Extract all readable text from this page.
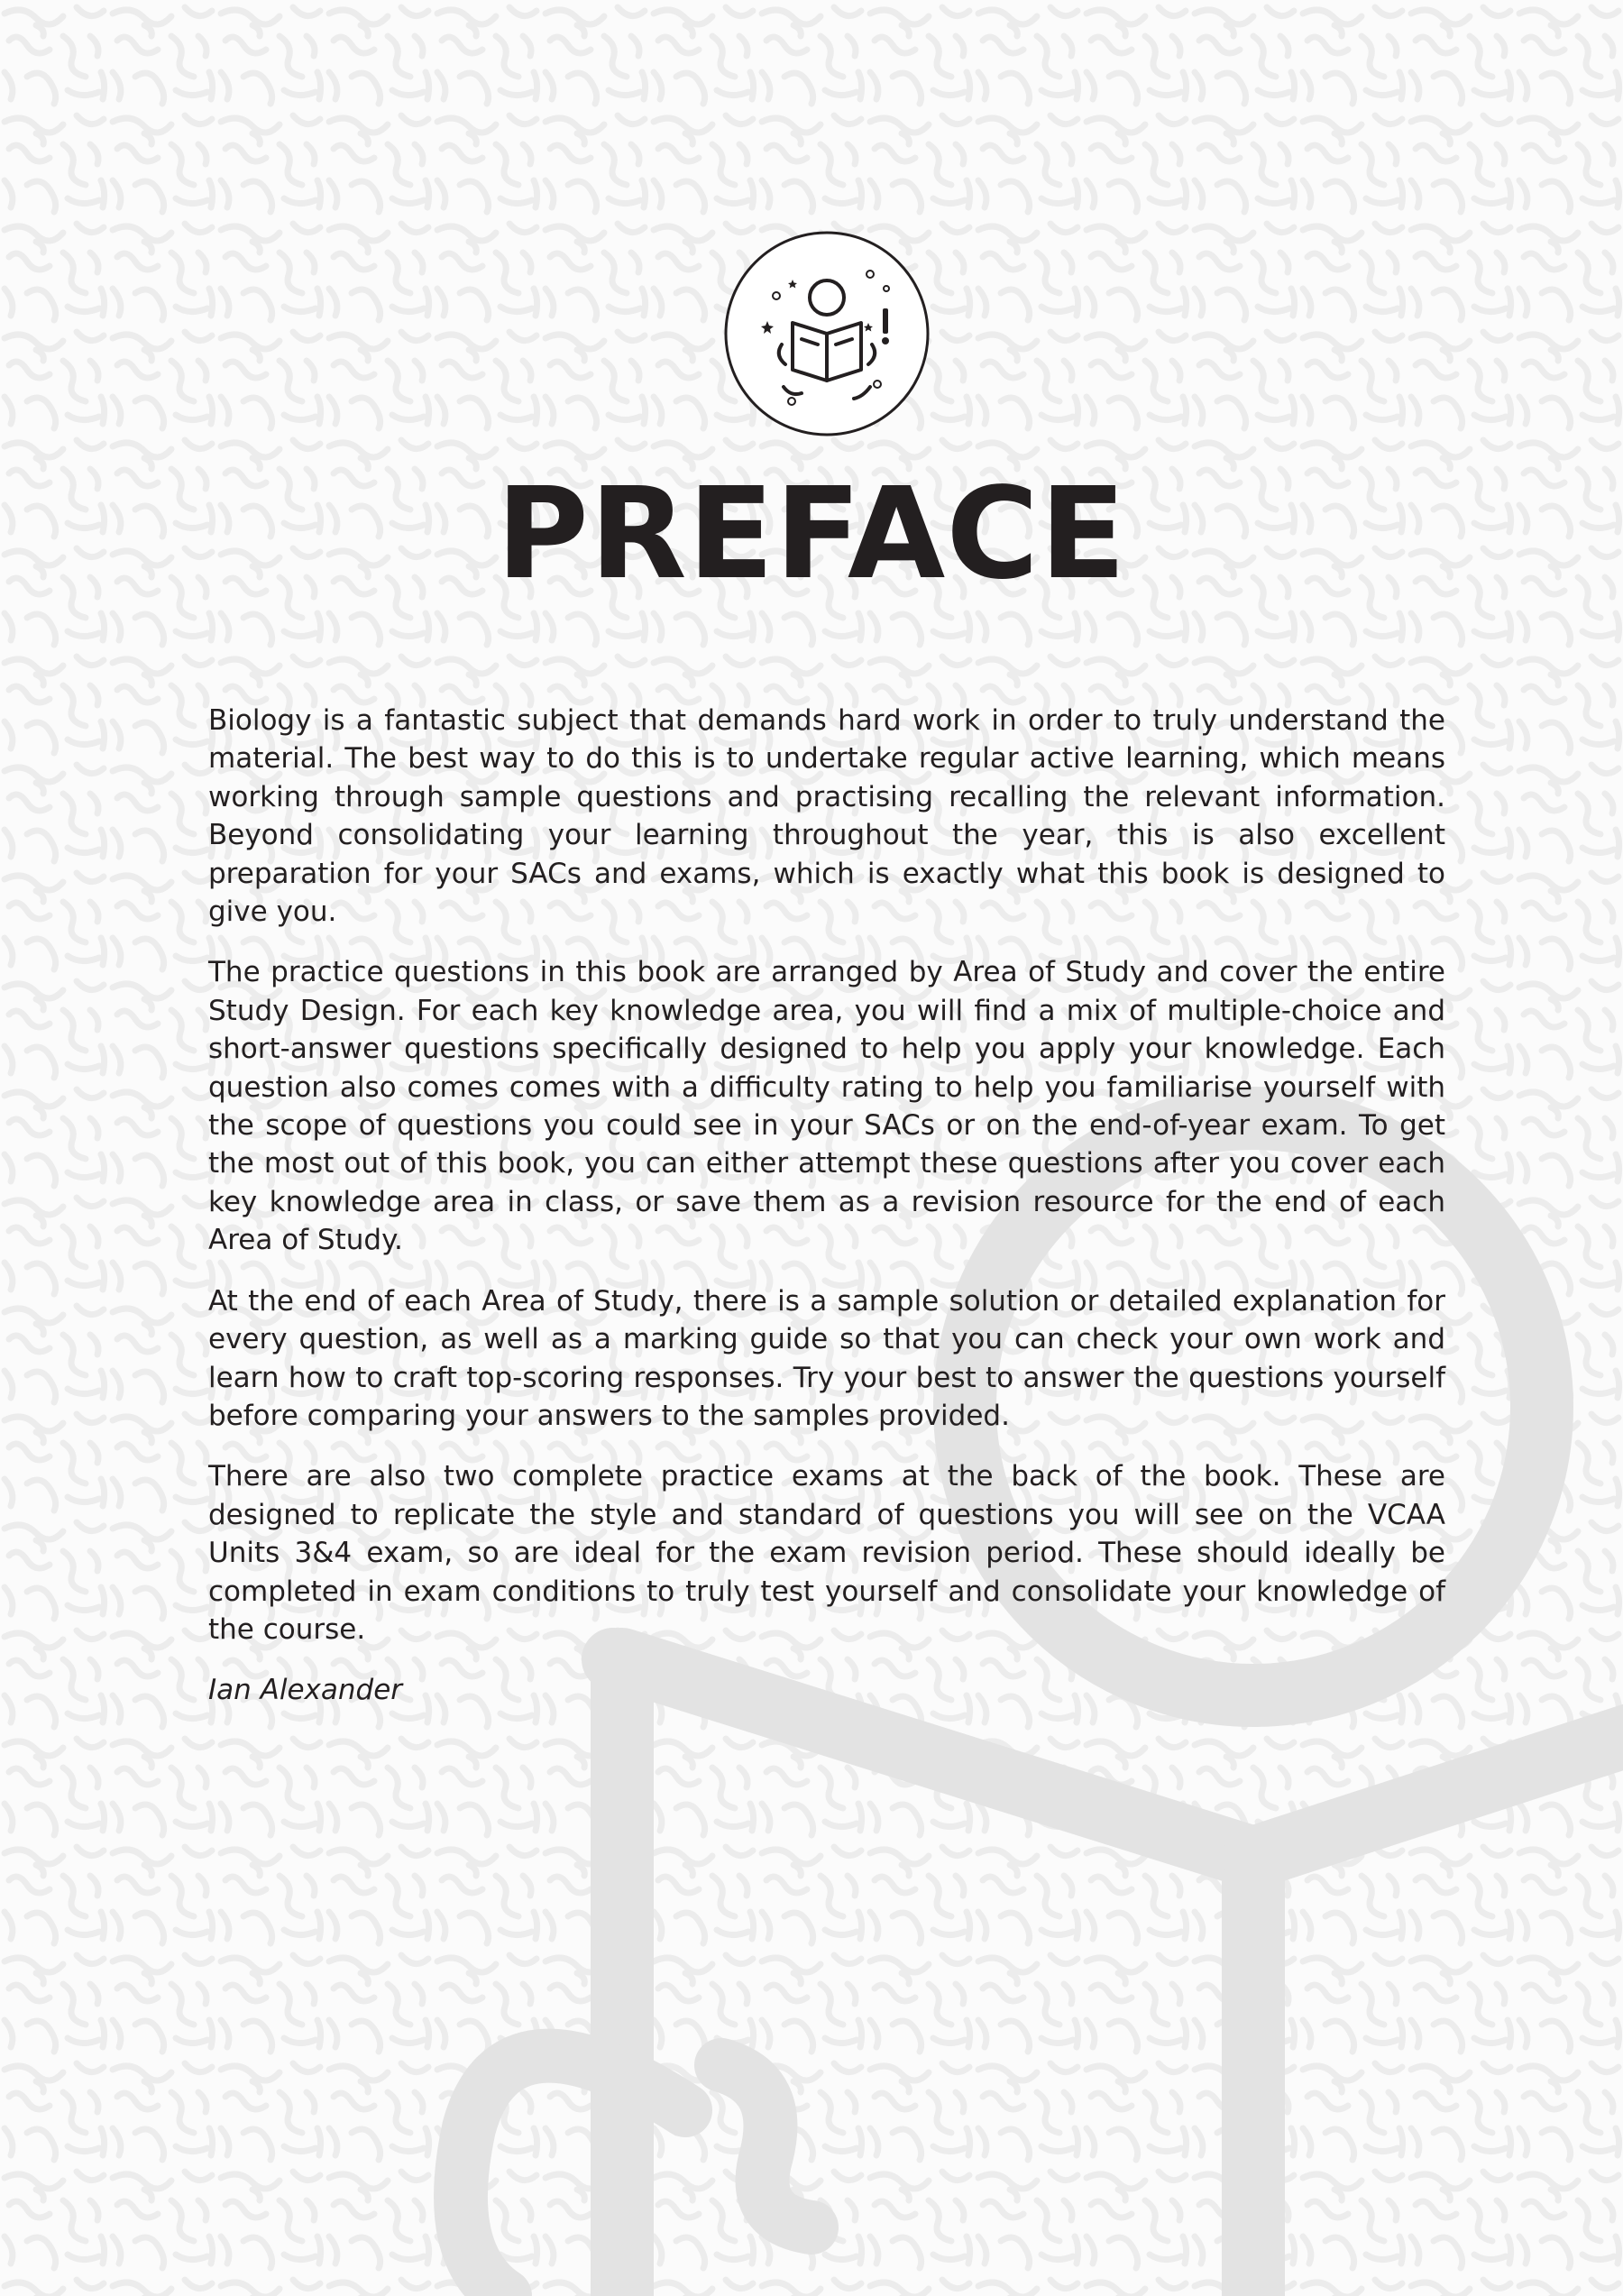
PREFACE

Biology is a fantastic subject that demands hard work in order to truly understand the material. The best way to do this is to undertake regular active learning, which means working through sample questions and practising recalling the relevant information. Beyond consolidating your learning throughout the year, this is also excellent preparation for your SACs and exams, which is exactly what this book is designed to give you.

The practice questions in this book are arranged by Area of Study and cover the entire Study Design. For each key knowledge area, you will find a mix of multiple-choice and short-answer questions specifically designed to help you apply your knowledge. Each question also comes comes with a difficulty rating to help you familiarise yourself with the scope of questions you could see in your SACs or on the end-of-year exam. To get the most out of this book, you can either attempt these questions after you cover each key knowledge area in class, or save them as a revision resource for the end of each Area of Study.

At the end of each Area of Study, there is a sample solution or detailed explanation for every question, as well as a marking guide so that you can check your own work and learn how to craft top-scoring responses. Try your best to answer the questions yourself before comparing your answers to the samples provided.

There are also two complete practice exams at the back of the book. These are designed to replicate the style and standard of questions you will see on the VCAA Units 3&4 exam, so are ideal for the exam revision period. These should ideally be completed in exam conditions to truly test yourself and consolidate your knowledge of the course.

Ian Alexander
